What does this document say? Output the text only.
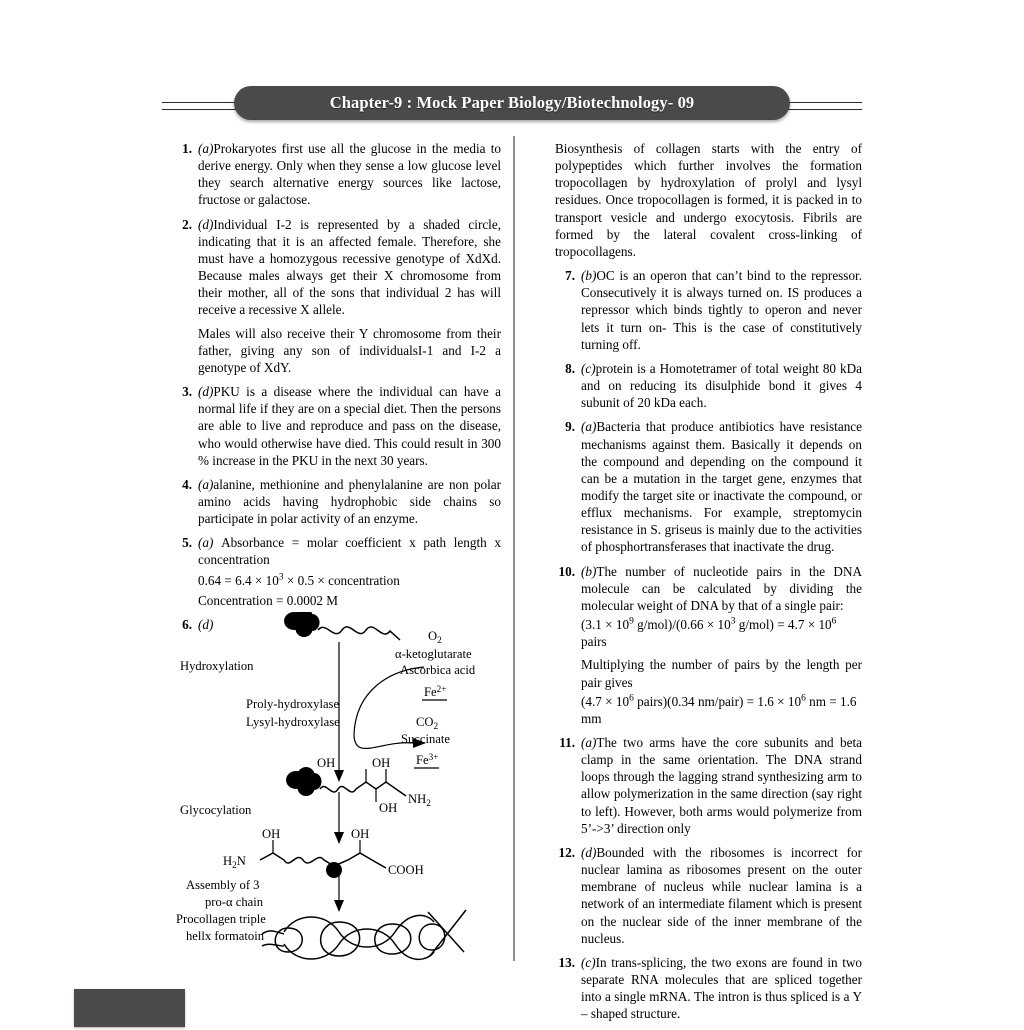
Chapter-9 : Mock Paper Biology/Biotechnology- 09
1. (a)Prokaryotes first use all the glucose in the media to derive energy. Only when they sense a low glucose level they search alternative energy sources like lactose, fructose or galactose.
2. (d)Individual I-2 is represented by a shaded circle, indicating that it is an affected female. Therefore, she must have a homozygous recessive genotype of XdXd. Because males always get their X chromosome from their mother, all of the sons that individual 2 has will receive a recessive X allele.
Males will also receive their Y chromosome from their father, giving any son of individualsI-1 and I-2 a genotype of XdY.
3. (d)PKU is a disease where the individual can have a normal life if they are on a special diet. Then the persons are able to live and reproduce and pass on the disease, who would otherwise have died. This could result in 300 % increase in the PKU in the next 30 years.
4. (a)alanine, methionine and phenylalanine are non polar amino acids having hydrophobic side chains so participate in polar activity of an enzyme.
5. (a) Absorbance = molar coefficient x path length x concentration
$0.64 = 6.4 \times 10^3 \times 0.5$ × concentration
Concentration = 0.0002 M
6. (d)
$O_2$
α-ketoglutarate
Ascorbica acid
$Fe^{2+}$
$CO_2$
Succinate
$Fe^{3+}$
Hydroxylation
Proly-hydroxylase
Lysyl-hydroxylase
OH	OH
OH
$NH_2$
Glycocylation
OH	OH
$H_2N$
COOH
Assembly of 3
pro-α chain
Procollagen triple
hellx formatoin
Biosynthesis of collagen starts with the entry of polypeptides which further involves the formation tropocollagen by hydroxylation of prolyl and lysyl residues. Once tropocollagen is formed, it is packed in to transport vesicle and undergo exocytosis. Fibrils are formed by the lateral covalent cross-linking of tropocollagens.
7. (b)OC is an operon that can’t bind to the repressor. Consecutively it is always turned on. IS produces a repressor which binds tightly to operon and never lets it turn on- This is the case of constitutively turning off.
8. (c)protein is a Homotetramer of total weight 80 kDa and on reducing its disulphide bond it gives 4 subunit of 20 kDa each.
9. (a)Bacteria that produce antibiotics have resistance mechanisms against them. Basically it depends on the compound and depending on the compound it can be a mutation in the target gene, enzymes that modify the target site or inactivate the compound, or efflux mechanisms. For example, streptomycin resistance in S. griseus is mainly due to the activities of phosphortransferases that inactivate the drug.
10. (b)The number of nucleotide pairs in the DNA molecule can be calculated by dividing the molecular weight of DNA by that of a single pair:
($3.1 \times 10^9$ $g/mol)/(0.66 \times 10^3$ $g/mol) = 4.7 \times 10^6$ pairs
Multiplying the number of pairs by the length per pair gives
($4.7 \times 10^6$ pairs)(0.34 nm/pair) = $1.6 \times 10^6$ nm = 1.6 mm
11. (a)The two arms have the core subunits and beta clamp in the same orientation. The DNA strand loops through the lagging strand synthesizing arm to allow polymerization in the same direction (say right to left). However, both arms would polymerize from 5’->3’ direction only
12. (d)Bounded with the ribosomes is incorrect for nuclear lamina as ribosomes present on the outer membrane of nucleus while nuclear lamina is a network of an intermediate filament which is present on the nuclear side of the inner membrane of the nucleus.
13. (c)In trans-splicing, the two exons are found in two separate RNA molecules that are spliced together into a single mRNA. The intron is thus spliced is a Y – shaped structure.
